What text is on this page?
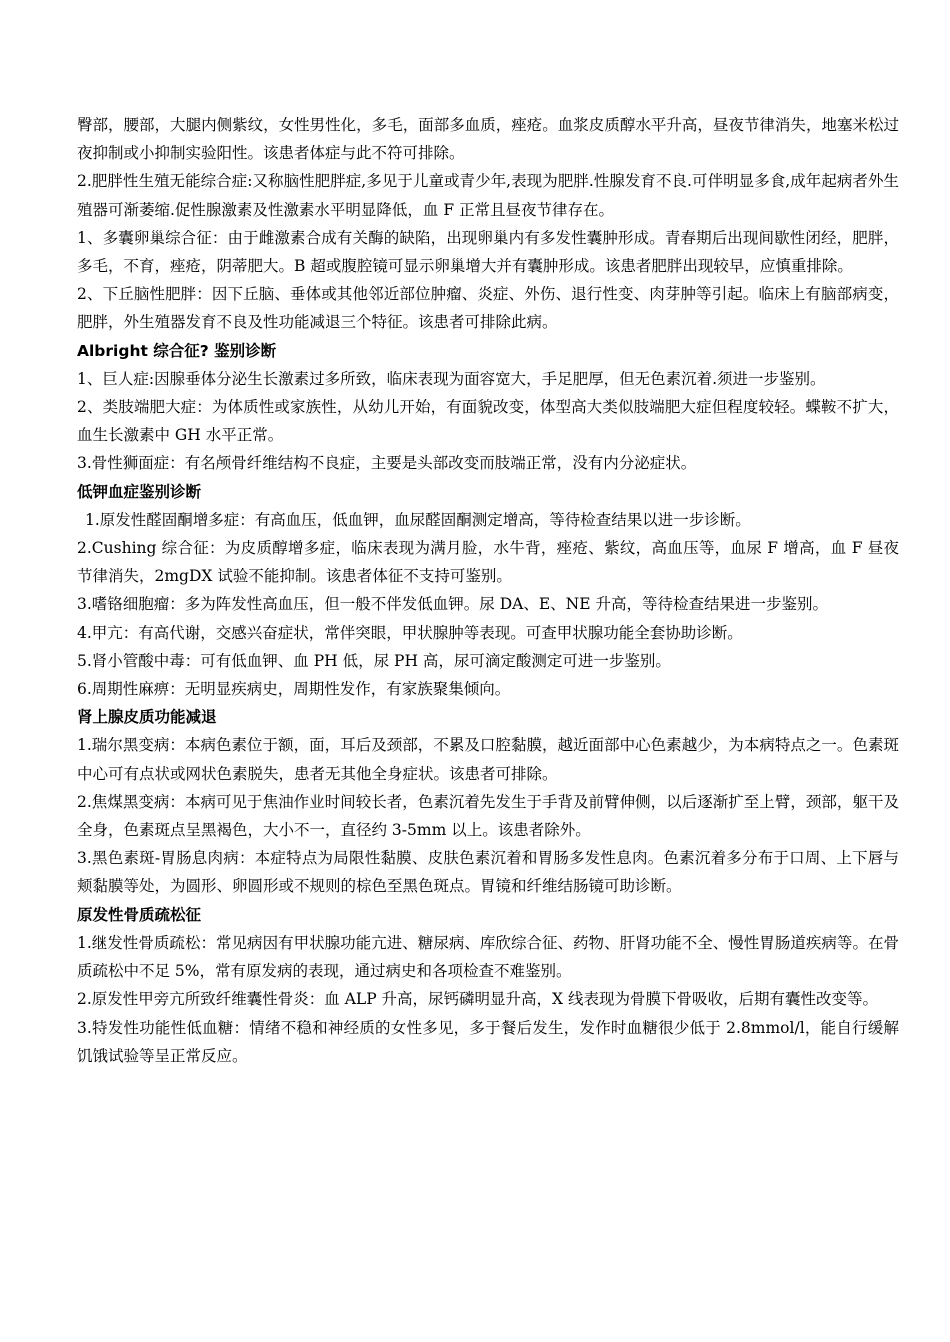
臀部，腰部，大腿内侧紫纹，女性男性化，多毛，面部多血质，痤疮。血浆皮质醇水平升高，昼夜节律消失，地塞米松过夜抑制或小抑制实验阳性。该患者体症与此不符可排除。

2.肥胖性生殖无能综合症:又称脑性肥胖症,多见于儿童或青少年,表现为肥胖.性腺发育不良.可伴明显多食,成年起病者外生殖器可渐萎缩.促性腺激素及性激素水平明显降低，血 F 正常且昼夜节律存在。

1、多囊卵巢综合征：由于雌激素合成有关酶的缺陷，出现卵巢内有多发性囊肿形成。青春期后出现间歇性闭经，肥胖，多毛，不育，痤疮，阴蒂肥大。B 超或腹腔镜可显示卵巢增大并有囊肿形成。该患者肥胖出现较早，应慎重排除。

2、下丘脑性肥胖：因下丘脑、垂体或其他邻近部位肿瘤、炎症、外伤、退行性变、肉芽肿等引起。临床上有脑部病变，肥胖，外生殖器发育不良及性功能减退三个特征。该患者可排除此病。

Albright 综合征? 鉴别诊断

1、巨人症:因腺垂体分泌生长激素过多所致，临床表现为面容宽大，手足肥厚，但无色素沉着.须进一步鉴别。

2、类肢端肥大症：为体质性或家族性，从幼儿开始，有面貌改变，体型高大类似肢端肥大症但程度较轻。蝶鞍不扩大，血生长激素中 GH 水平正常。

3.骨性狮面症：有名颅骨纤维结构不良症，主要是头部改变而肢端正常，没有内分泌症状。

低钾血症鉴别诊断

1.原发性醛固酮增多症：有高血压，低血钾，血尿醛固酮测定增高，等待检查结果以进一步诊断。

2.Cushing 综合征：为皮质醇增多症，临床表现为满月脸，水牛背，痤疮、紫纹，高血压等，血尿 F 增高，血 F 昼夜节律消失，2mgDX 试验不能抑制。该患者体征不支持可鉴别。

3.嗜铬细胞瘤：多为阵发性高血压，但一般不伴发低血钾。尿 DA、E、NE 升高，等待检查结果进一步鉴别。

4.甲亢：有高代谢，交感兴奋症状，常伴突眼，甲状腺肿等表现。可查甲状腺功能全套协助诊断。

5.肾小管酸中毒：可有低血钾、血 PH 低，尿 PH 高，尿可滴定酸测定可进一步鉴别。

6.周期性麻痹：无明显疾病史，周期性发作，有家族聚集倾向。

肾上腺皮质功能减退

1.瑞尔黑变病：本病色素位于额，面，耳后及颈部，不累及口腔黏膜，越近面部中心色素越少，为本病特点之一。色素斑中心可有点状或网状色素脱失，患者无其他全身症状。该患者可排除。

2.焦煤黑变病：本病可见于焦油作业时间较长者，色素沉着先发生于手背及前臂伸侧，以后逐渐扩至上臂，颈部，躯干及全身，色素斑点呈黑褐色，大小不一，直径约 3-5mm 以上。该患者除外。

3.黑色素斑-胃肠息肉病：本症特点为局限性黏膜、皮肤色素沉着和胃肠多发性息肉。色素沉着多分布于口周、上下唇与颊黏膜等处，为圆形、卵圆形或不规则的棕色至黑色斑点。胃镜和纤维结肠镜可助诊断。

原发性骨质疏松征

1.继发性骨质疏松：常见病因有甲状腺功能亢进、糖尿病、库欣综合征、药物、肝肾功能不全、慢性胃肠道疾病等。在骨质疏松中不足 5%，常有原发病的表现，通过病史和各项检查不难鉴别。

2.原发性甲旁亢所致纤维囊性骨炎：血 ALP 升高，尿钙磷明显升高，X 线表现为骨膜下骨吸收，后期有囊性改变等。

3.特发性功能性低血糖：情绪不稳和神经质的女性多见，多于餐后发生，发作时血糖很少低于 2.8mmol/l，能自行缓解饥饿试验等呈正常反应。
